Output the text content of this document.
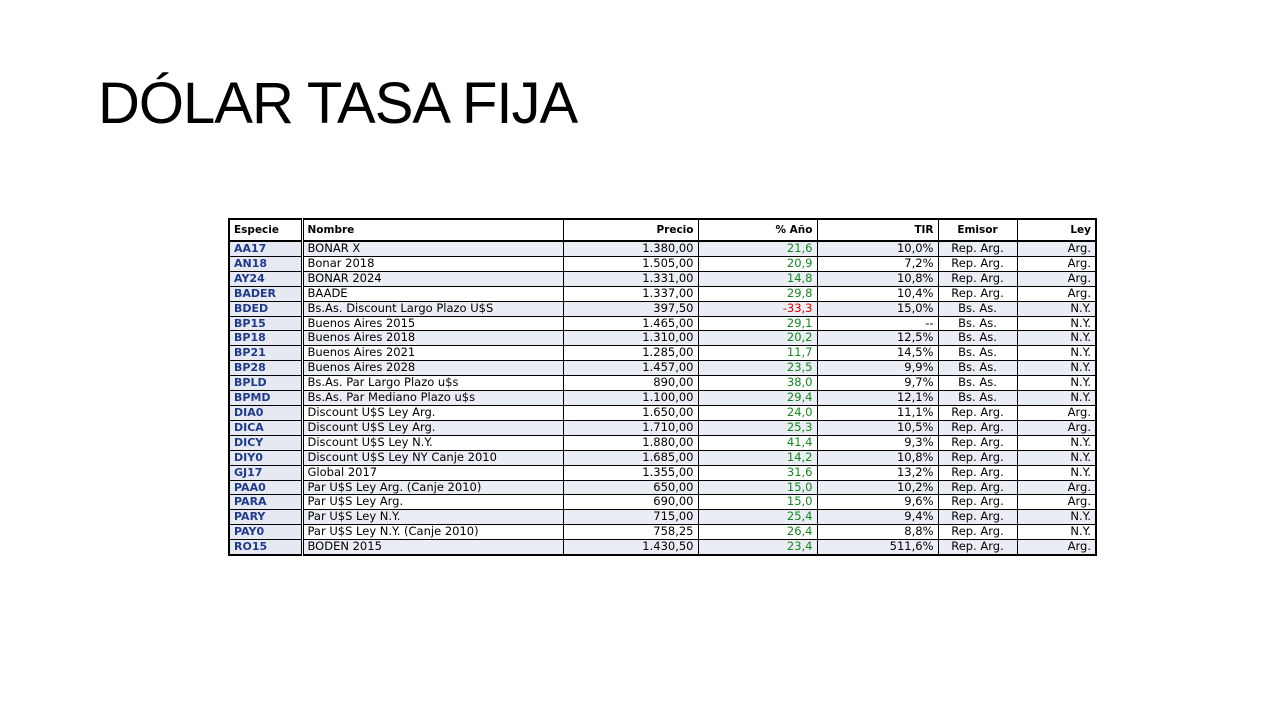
DÓLAR TASA FIJA
Especie	Nombre	Precio	% Año	TIR	Emisor	Ley
AA17	BONAR X	1.380,00	21,6	10,0%	Rep. Arg.	Arg.
AN18	Bonar 2018	1.505,00	20,9	7,2%	Rep. Arg.	Arg.
AY24	BONAR 2024	1.331,00	14,8	10,8%	Rep. Arg.	Arg.
BADER	BAADE	1.337,00	29,8	10,4%	Rep. Arg.	Arg.
BDED	Bs.As. Discount Largo Plazo U$S	397,50	-33,3	15,0%	Bs. As.	N.Y.
BP15	Buenos Aires 2015	1.465,00	29,1	--	Bs. As.	N.Y.
BP18	Buenos Aires 2018	1.310,00	20,2	12,5%	Bs. As.	N.Y.
BP21	Buenos Aires 2021	1.285,00	11,7	14,5%	Bs. As.	N.Y.
BP28	Buenos Aires 2028	1.457,00	23,5	9,9%	Bs. As.	N.Y.
BPLD	Bs.As. Par Largo Plazo u$s	890,00	38,0	9,7%	Bs. As.	N.Y.
BPMD	Bs.As. Par Mediano Plazo u$s	1.100,00	29,4	12,1%	Bs. As.	N.Y.
DIA0	Discount U$S Ley Arg.	1.650,00	24,0	11,1%	Rep. Arg.	Arg.
DICA	Discount U$S Ley Arg.	1.710,00	25,3	10,5%	Rep. Arg.	Arg.
DICY	Discount U$S Ley N.Y.	1.880,00	41,4	9,3%	Rep. Arg.	N.Y.
DIY0	Discount U$S Ley NY Canje 2010	1.685,00	14,2	10,8%	Rep. Arg.	N.Y.
GJ17	Global 2017	1.355,00	31,6	13,2%	Rep. Arg.	N.Y.
PAA0	Par U$S Ley Arg. (Canje 2010)	650,00	15,0	10,2%	Rep. Arg.	Arg.
PARA	Par U$S Ley Arg.	690,00	15,0	9,6%	Rep. Arg.	Arg.
PARY	Par U$S Ley N.Y.	715,00	25,4	9,4%	Rep. Arg.	N.Y.
PAY0	Par U$S Ley N.Y. (Canje 2010)	758,25	26,4	8,8%	Rep. Arg.	N.Y.
RO15	BODEN 2015	1.430,50	23,4	511,6%	Rep. Arg.	Arg.
